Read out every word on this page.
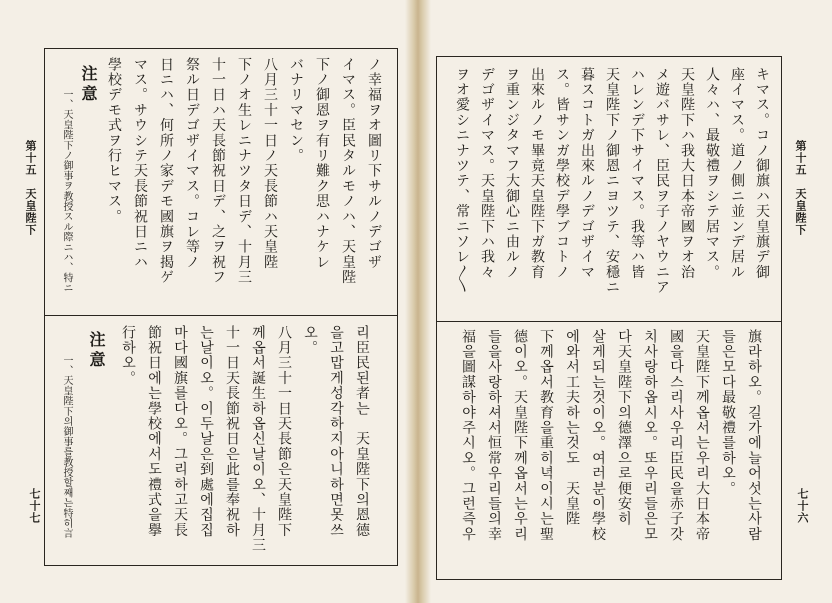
第十五　天皇陛下
七十七
ノ幸福ヲオ圖リ下サルノデゴザ
イマス。臣民タルモノハ、天皇陛
下ノ御恩ヲ有リ難ク思ハナケレ
バナリマセン。
八月三十一日ノ天長節ハ天皇陛
下ノオ生レニナツタ日デ、十月三
十一日ハ天長節祝日デ、之ヲ祝フ
祭ル日デゴザイマス。コレ等ノ
日ニハ、何所ノ家デモ國旗ヲ揭ゲ
マス。サウシテ天長節祝日ニハ
學校デモ式ヲ行ヒマス。
注意
一、天皇陛下ノ御事ヲ教授スル際ニハ、特ニ
리臣民된者는　天皇陛下의恩德
을고맙게성각하지아니하면못쓰
오。
八月三十一日天長節은天皇陛下
께옵서誕生하옵신날이오、十月三
十一日天長節祝日은此를奉祝하
는날이오。이두날은到處에집집
마다國旗를다오。그리하고天長
節祝日에는學校에서도禮式을擧
行하오。
注意
一、天皇陛下의御事를教授할째는特히言
第十五　天皇陛下
七十六
キマス。コノ御旗ハ天皇旗デ御
座イマス。道ノ側ニ並ンデ居ル
人々ハ、最敬禮ヲシテ居マス。
天皇陛下ハ我大日本帝國ヲオ治
メ遊バサレ、臣民ヲ子ノヤウニア
ハレンデ下サイマス。我等ハ皆
天皇陛下ノ御恩ニヨツテ、安穩ニ
暮スコトガ出來ルノデゴザイマ
ス。皆サンガ學校デ學ブコトノ
出來ルノモ畢竟天皇陛下ガ教育
ヲ重ンジタマフ大御心ニ由ルノ
デゴザイマス。天皇陛下ハ我々
ヲオ愛シニナツテ、常ニソレ〳〵
旗라하오。길가에늘어섯는사람
들은모다最敬禮를하오。
天皇陛下께옵서는우리大日本帝
國을다스리사우리臣民을赤子갓
치사랑하옵시오。또우리들은모
다天皇陛下의德澤으로便安히
살게되는것이오。여러분이學校
에와서工夫하는것도　天皇陛
下께옵서教育을重히녁이시는聖
德이오。天皇陛下께옵서는우리
들을사랑하셔서恒常우리들의幸
福을圖謀하야주시오。그런즉우
